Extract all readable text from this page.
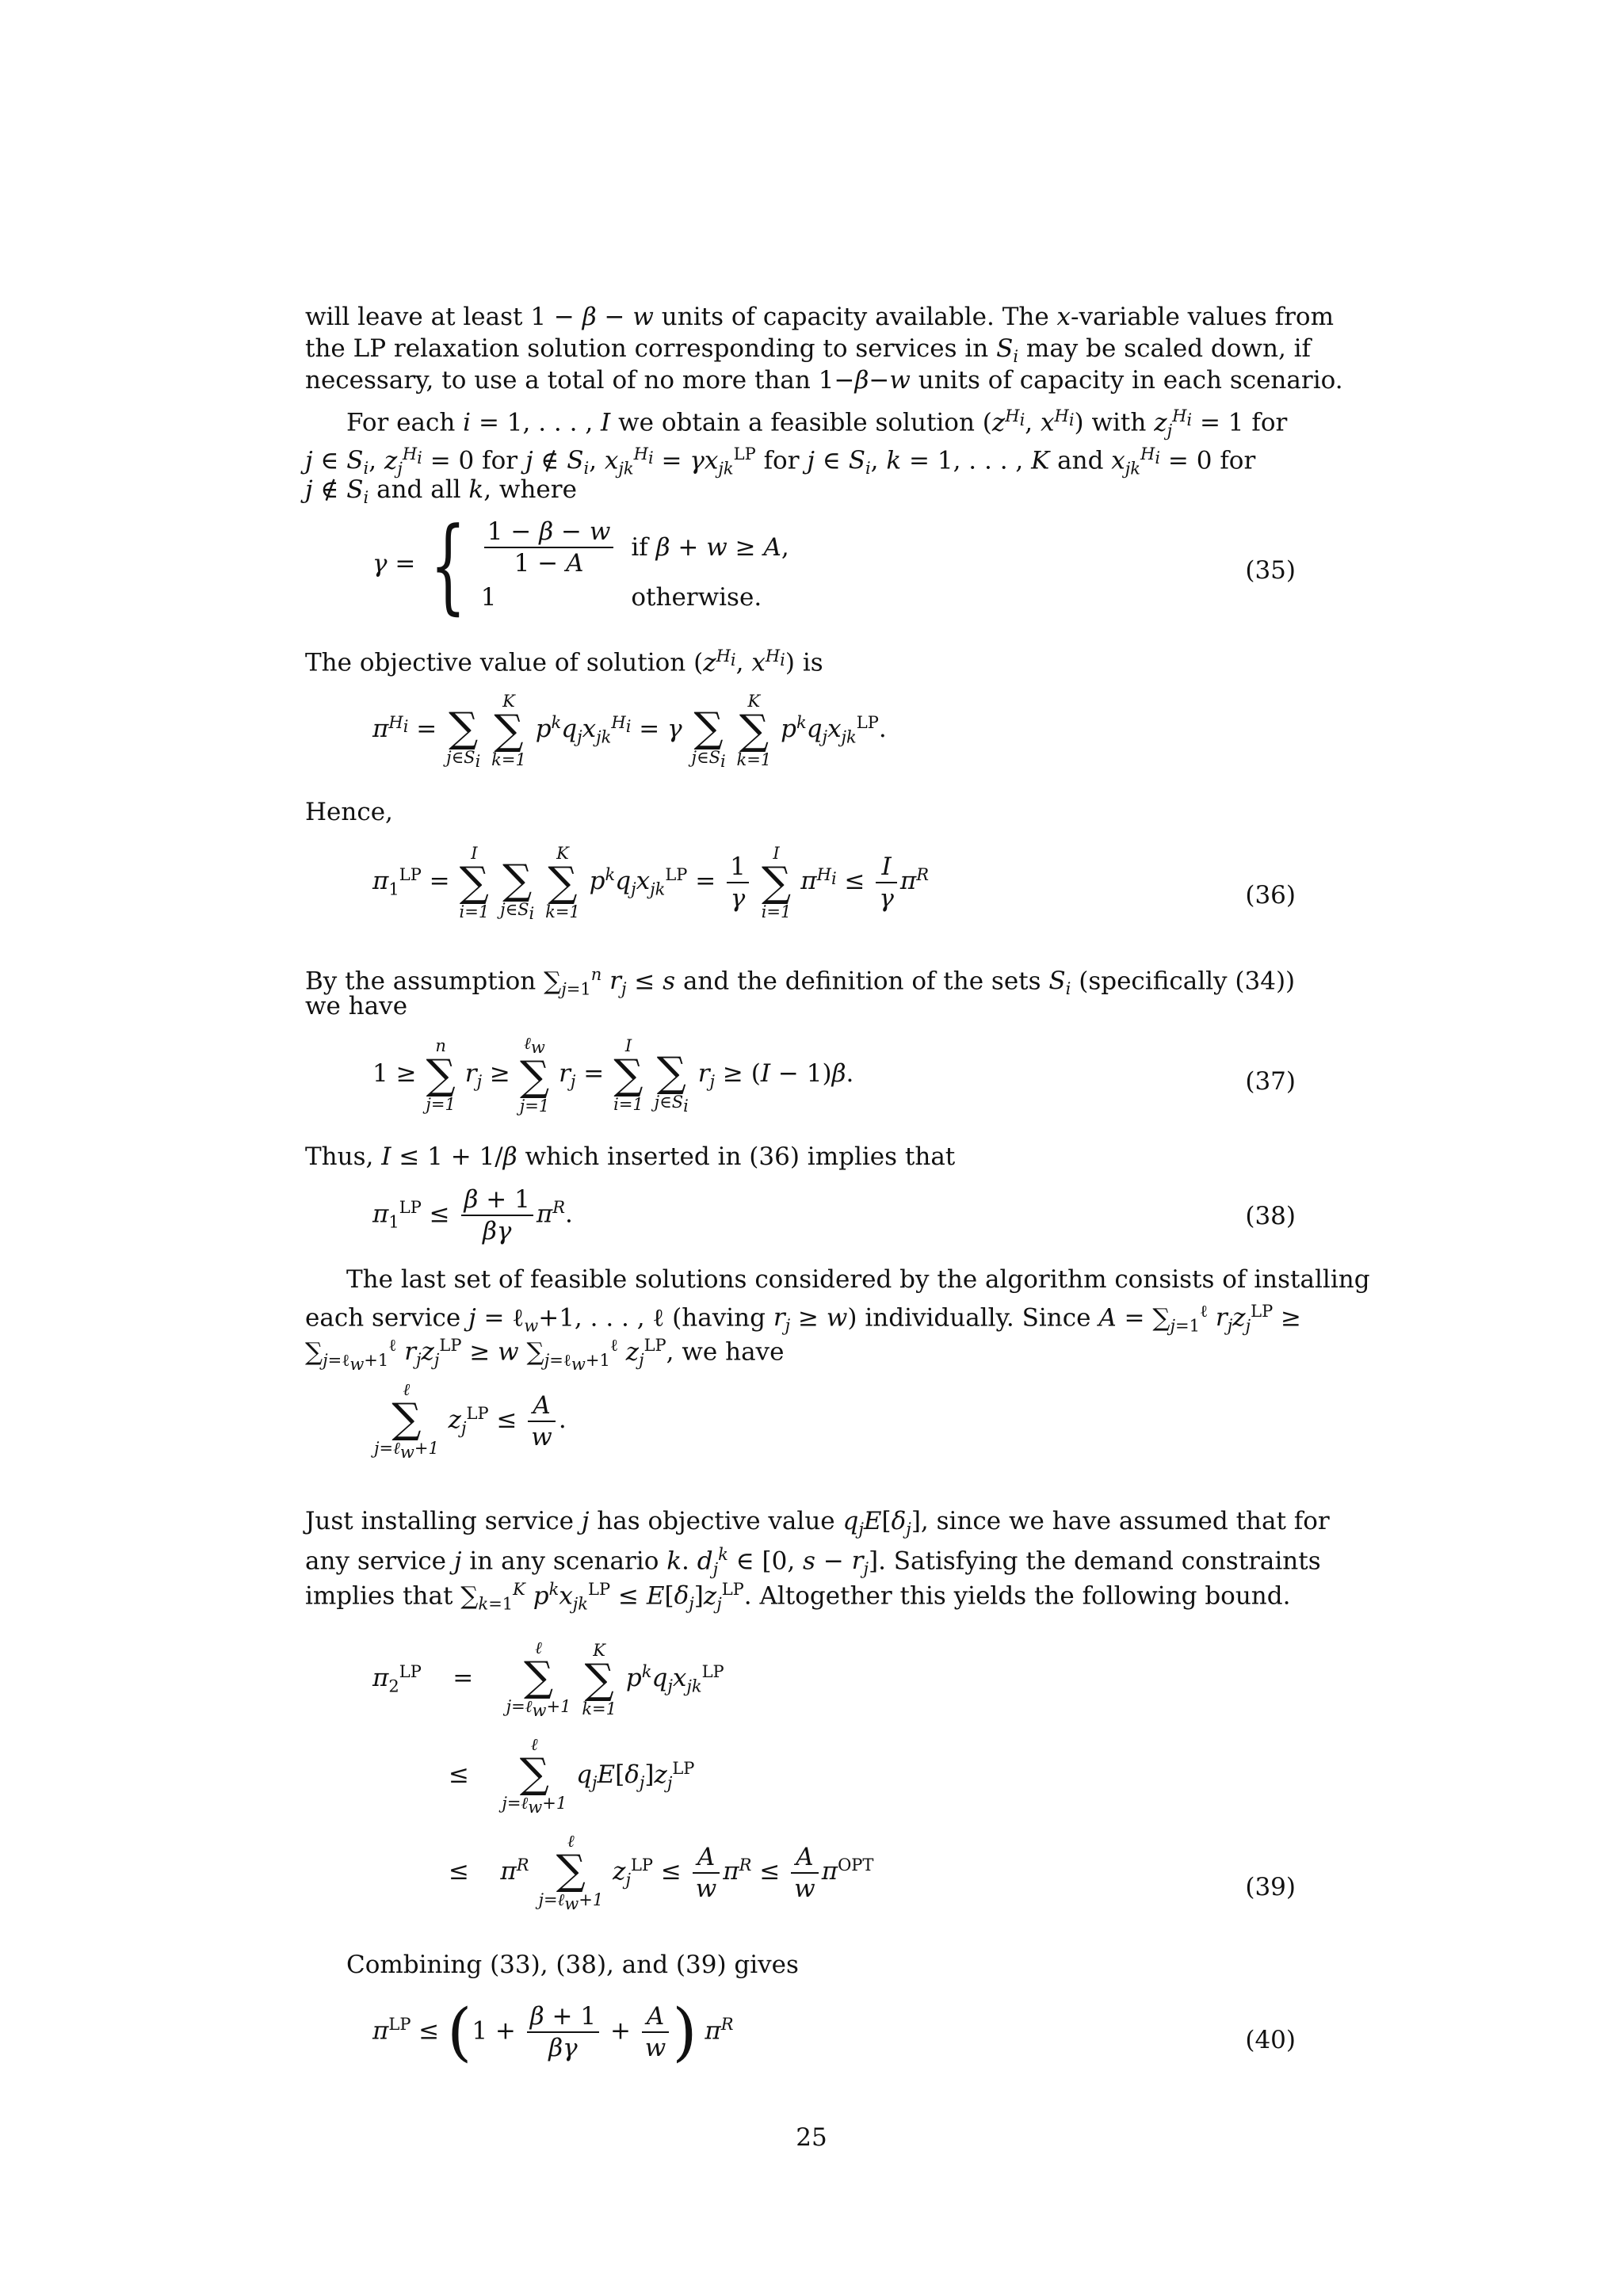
will leave at least 1 − β − w units of capacity available. The x-variable values from
the LP relaxation solution corresponding to services in $S_i$ may be scaled down, if
necessary, to use a total of no more than 1−β−w units of capacity in each scenario.
For each i = 1, . . . , I we obtain a feasible solution ($z^{H_i}$, $x^{H_i}$) with $z_j^{H_i} = 1$ for
j ∈ $S_i$, $z_j^{H_i} = 0$ for j ∉ $S_i$, $x_{jk}^{H_i} = \gamma x_{jk}^{LP}$ for j ∈ $S_i$, k = 1, . . . , K and $x_{jk}^{H_i} = 0$ for
j ∉ $S_i$ and all k, where
γ = { $\frac{1 - \beta - w}{1 - A}$	if β + w ≥ A,
1	otherwise.
(35)
The objective value of solution ($z^{H_i}$, $x^{H_i}$) is
$\pi^{H_i}$ =
∑
$j\in S_i$

K
∑
k=1
$p^kq_jx_{jk}^{H_i} = \gamma$
∑
$j\in S_i$

K
∑
k=1
$p^kq_jx_{jk}^{LP}$.
Hence,
$\pi_1^{LP}$ =
I
∑
i=1

∑
$j\in S_i$

K
∑
k=1
$p^kq_jx_{jk}^{LP} = \frac{1}{\gamma}$
	I
∑
i=1
$\pi^{H_i} \le \frac{I}{\gamma} \pi^R$
(36)
By the assumption $\sum_{j=1}^n$ $r_j \le s$ and the definition of the sets $S_i$ (specifically (34))
we have
1 ≥
n
∑
j=1
$r_j$ ≥
ℓ$_w$
∑
j=1
$r_j$ =
I
∑
i=1

∑
$j\in S_i$
$r_j \ge (I - 1)\beta$.	(37)
Thus, I ≤ 1 + 1/β which inserted in (36) implies that
$\pi_1^{LP} \le \frac{\beta + 1}{\beta\gamma} \pi^R$.	(38)
The last set of feasible solutions considered by the algorithm consists of installing
each service j = ℓ$_w$+1, . . . , ℓ (having $r_j \ge w$) individually. Since $A = \sum_{j=1}^\ell$ $r_jz_j^{LP}$ ≥
$\sum_{j=\ell_w+1}^\ell$ $r_jz_j^{LP} \ge w$ $\sum_{j=\ell_w+1}^\ell$ $z_j^{LP}$, we have
ℓ
∑
j=ℓ$_w$+1
$z_j^{LP} \le \frac{A}{w}$ .
Just installing service j has objective value $q_jE[\delta_j]$, since we have assumed that for
any service j in any scenario k. $d_j^k$ ∈ [0, $s - r_j$]. Satisfying the demand constraints
implies that $\sum_{k=1}^K$ $p^kx_{jk}^{LP} \le E[\delta_j]z_j^{LP}$. Altogether this yields the following bound.
$\pi_2^{LP}$    =
ℓ
∑
j=ℓ$_w$+1

K
∑
k=1
$p^kq_jx_{jk}^{LP}$
≤
ℓ
∑
j=ℓ$_w$+1
$q_jE[\delta_j]z_j^{LP}$
≤    $\pi^R$
ℓ
∑
j=ℓ$_w$+1
$z_j^{LP} \le \frac{A}{w} \pi^R \le \frac{A}{w} \pi^{OPT}$
(39)
Combining (33), (38), and (39) gives
$\pi^{LP} \le (1 + \frac{\beta + 1}{\beta\gamma} + \frac{A}{w}$ ) $\pi^R$
(40)
25
